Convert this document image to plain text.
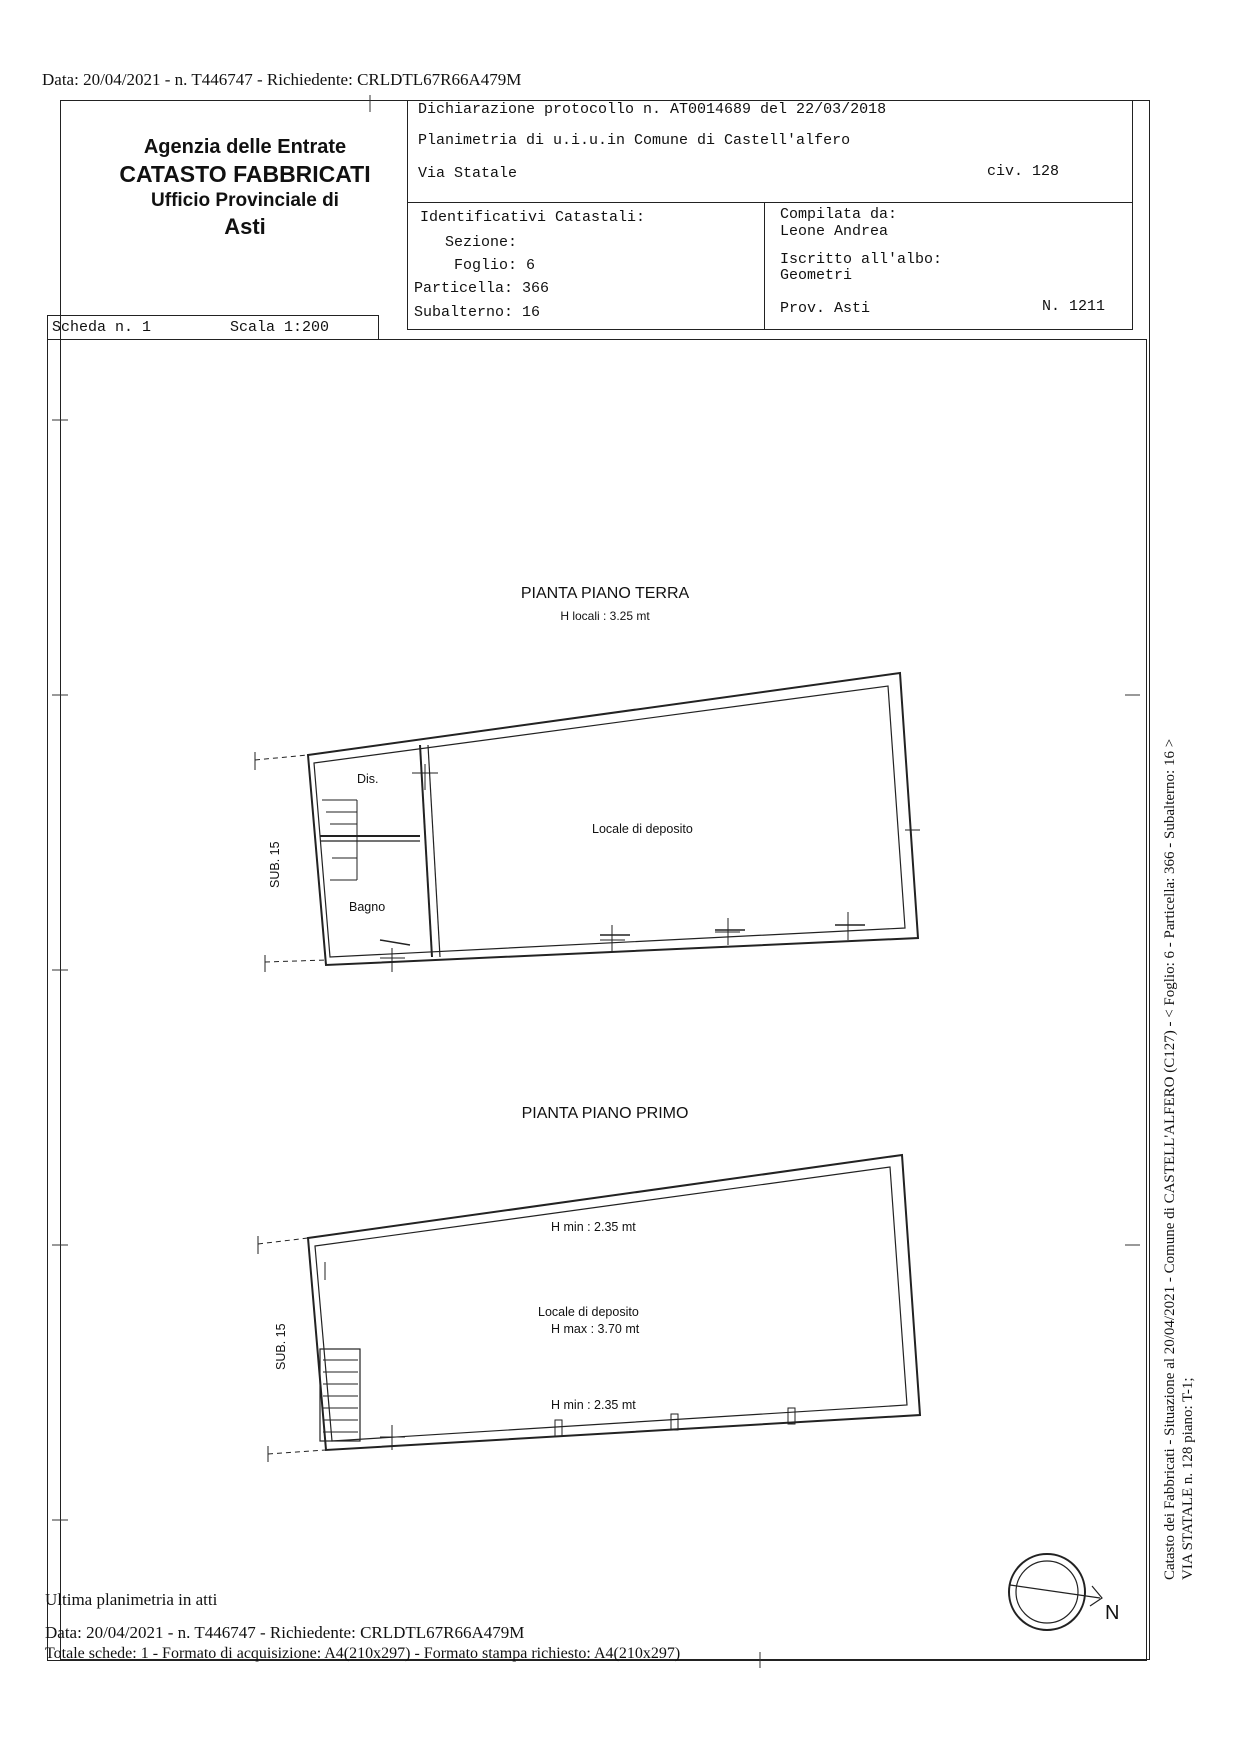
Data: 20/04/2021 - n. T446747 - Richiedente: CRLDTL67R66A479M
Agenzia delle Entrate
CATASTO FABBRICATI
Ufficio Provinciale di
Asti
Dichiarazione protocollo n. AT0014689 del 22/03/2018
Planimetria di u.i.u.in Comune di Castell'alfero
Via Statale	civ. 128
Identificativi Catastali:
Sezione:
Foglio: 6
Particella: 366
Subalterno: 16
Compilata da:
Leone Andrea
Iscritto all'albo:
Geometri
Prov. Asti	N. 1211
Scheda n. 1	Scala 1:200
PIANTA PIANO TERRA
H locali : 3.25 mt
Locale di deposito
Dis.
Bagno
SUB. 15
PIANTA PIANO PRIMO
H min : 2.35 mt
Locale di deposito
H max : 3.70 mt
H min : 2.35 mt
SUB. 15	Catasto dei Fabbricati - Situazione al 20/04/2021 - Comune di CASTELL'ALFERO (C127) - < Foglio: 6 - Particella: 366 - Subalterno: 16 > VIA STATALE n. 128 piano: T-1;
N
Ultima planimetria in atti
Data: 20/04/2021 - n. T446747 - Richiedente: CRLDTL67R66A479M
Totale schede: 1 - Formato di acquisizione: A4(210x297) - Formato stampa richiesto: A4(210x297)
